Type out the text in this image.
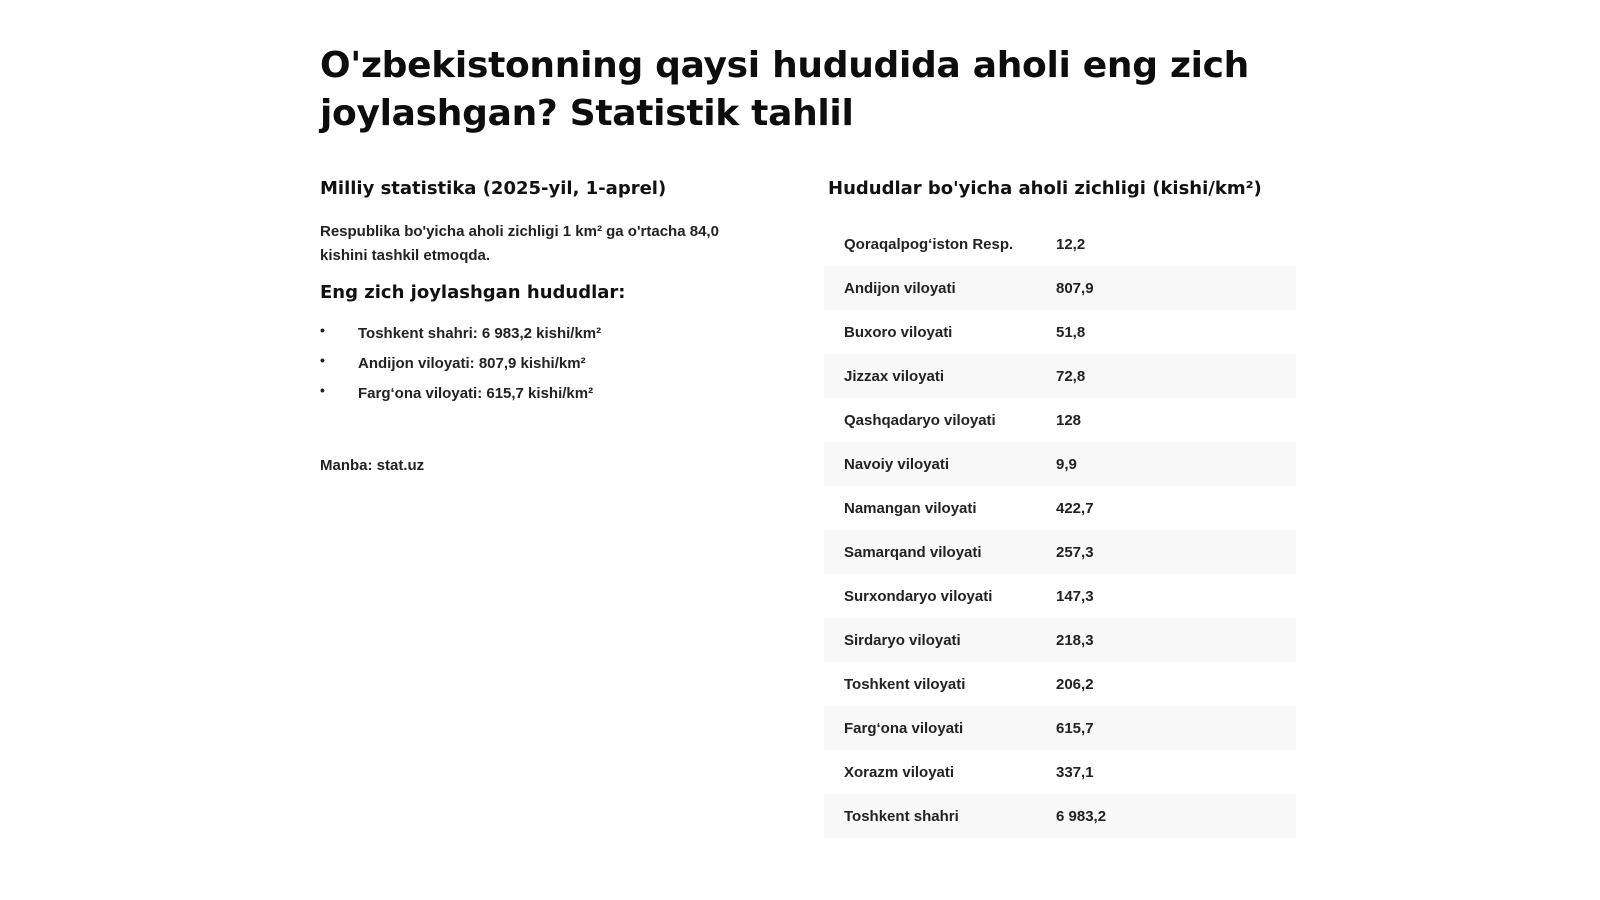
O'zbekistonning qaysi hududida aholi eng zich joylashgan? Statistik tahlil
Milliy statistika (2025-yil, 1-aprel)

Respublika bo'yicha aholi zichligi 1 km² ga o'rtacha 84,0 kishini tashkil etmoqda.

Eng zich joylashgan hududlar:
• Toshkent shahri: 6 983,2 kishi/km²
• Andijon viloyati: 807,9 kishi/km²
• Farg‘ona viloyati: 615,7 kishi/km²

Manba: stat.uz

Hududlar bo'yicha aholi zichligi (kishi/km²)
Qoraqalpog‘iston Resp.	12,2
Andijon viloyati	807,9
Buxoro viloyati	51,8
Jizzax viloyati	72,8
Qashqadaryo viloyati	128
Navoiy viloyati	9,9
Namangan viloyati	422,7
Samarqand viloyati	257,3
Surxondaryo viloyati	147,3
Sirdaryo viloyati	218,3
Toshkent viloyati	206,2
Farg‘ona viloyati	615,7
Xorazm viloyati	337,1
Toshkent shahri	6 983,2
